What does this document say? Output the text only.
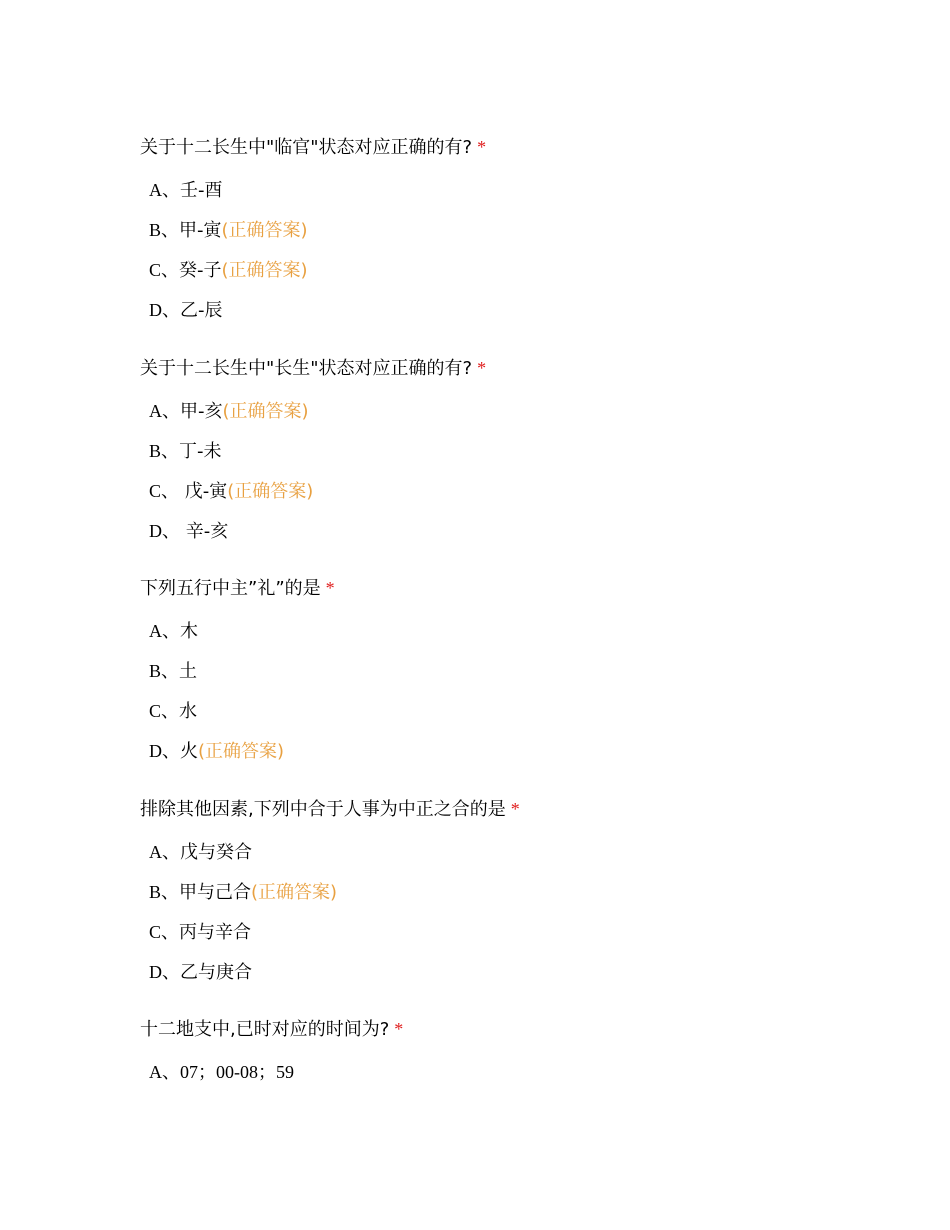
关于十二长生中"临官"状态对应正确的有? *
A、壬-酉
B、甲-寅(正确答案)
C、癸-子(正确答案)
D、乙-辰
关于十二长生中"长生"状态对应正确的有? *
A、甲-亥(正确答案)
B、丁-未
C、 戊-寅(正确答案)
D、 辛-亥
下列五行中主”礼”的是 *
A、木
B、土
C、水
D、火(正确答案)
排除其他因素,下列中合于人事为中正之合的是 *
A、戊与癸合
B、甲与己合(正确答案)
C、丙与辛合
D、乙与庚合
十二地支中,已时对应的时间为? *
A、07；00-08；59
